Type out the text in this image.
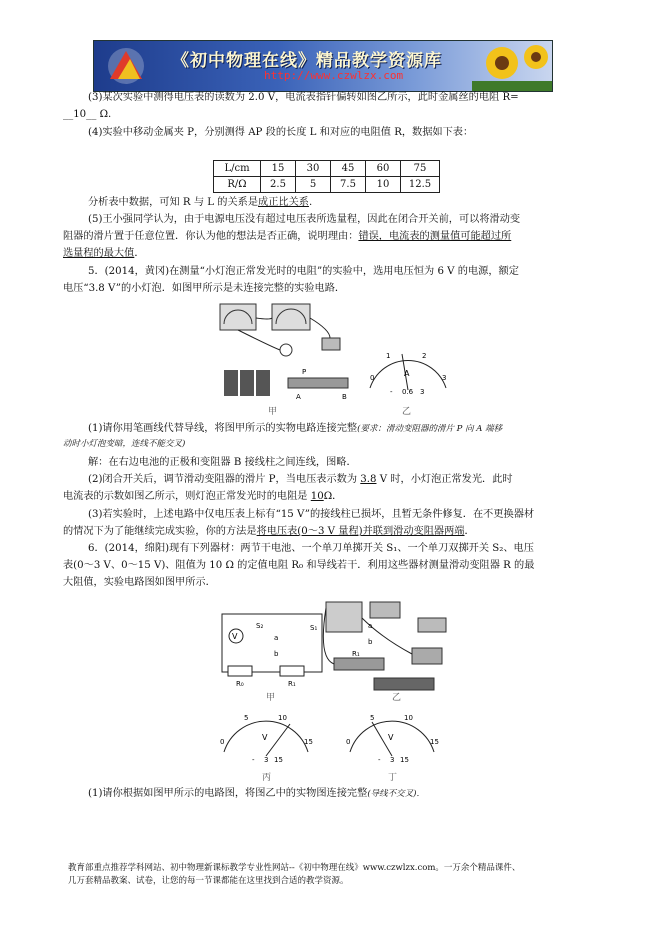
《初中物理在线》精品教学资源库
http://www.czwlzx.com
(3)某次实验中测得电压表的读数为 2.0 V，电流表指针偏转如图乙所示，此时金属丝的电阻 R=
__10__ Ω.
(4)实验中移动金属夹 P，分别测得 AP 段的长度 L 和对应的电阻值 R，数据如下表：
L/cm	15	30	45	60	75
R/Ω	2.5	5	7.5	10	12.5
分析表中数据，可知 R 与 L 的关系是成正比关系.
(5)王小强同学认为，由于电源电压没有超过电压表所选量程，因此在闭合开关前，可以将滑动变
阻器的滑片置于任意位置．你认为他的想法是否正确，说明理由：错误，电流表的测量值可能超过所
选量程的最大值．
5．(2014，黄冈)在测量“小灯泡正常发光时的电阻”的实验中，选用电压恒为 6 V 的电源，额定
电压“3.8 V”的小灯泡．如图甲所示是未连接完整的实验电路．
P
A	B
甲
0
1	2
3
A
- 0.6 3
乙
(1)请你用笔画线代替导线，将图甲所示的实物电路连接完整(要求：滑动变阻器的滑片 P 向 A 端移
动时小灯泡变暗，连线不能交叉)
解：在右边电池的正极和变阻器 B 接线柱之间连线，图略．
(2)闭合开关后，调节滑动变阻器的滑片 P，当电压表示数为 3.8 V 时，小灯泡正常发光．此时
电流表的示数如图乙所示，则灯泡正常发光时的电阻是 10Ω．
(3)若实验时，上述电路中仅电压表上标有“15 V”的接线柱已损坏，且暂无条件修复．在不更换器材
的情况下为了能继续完成实验，你的方法是将电压表(0～3 V 量程)并联到滑动变阻器两端．
6．(2014，绵阳)现有下列器材：两节干电池、一个单刀单掷开关 S₁、一个单刀双掷开关 S₂、电压
表(0～3 V、0～15 V)、阻值为 10 Ω 的定值电阻 R₀ 和导线若干．利用这些器材测量滑动变阻器 R 的最
大阻值，实验电路图如图甲所示．
V
S₂	S₁
a
b
R₀	R₁
甲
a
b
R₁
乙
0
5	10
15
V
- 3 15
丙
0
5	10
15
V
- 3 15
丁
(1)请你根据如图甲所示的电路图，将图乙中的实物图连接完整(导线不交叉)．
教育部重点推荐学科网站、初中物理新课标教学专业性网站--《初中物理在线》www.czwlzx.com。一万余个精品课件、
几万套精品教案、试卷，让您的每一节课都能在这里找到合适的教学资源。
